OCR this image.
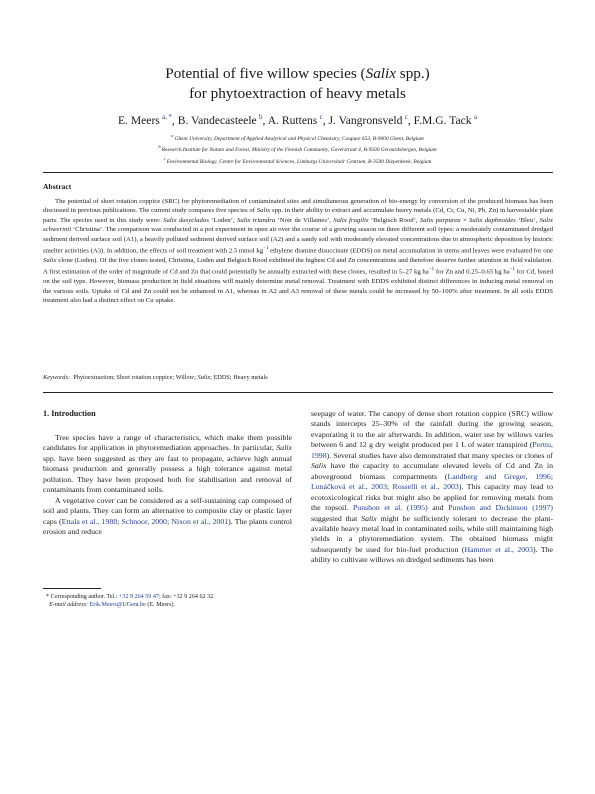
Potential of five willow species (Salix spp.)
for phytoextraction of heavy metals
E. Meers  $^{a, *}$, B. Vandecasteele  $^b$, A. Ruttens  $^c$, J. Vangronsveld  $^c$, F.M.G. Tack  $^a$
$^a$ Ghent University, Department of Applied Analytical and Physical Chemistry, Coupure 653, B-9000 Ghent, Belgium
$^b$ Research Institute for Nature and Forest, Ministry of the Flemish Community, Gaverstraat 4, B-9500 Geraardsbergen, Belgium
$^c$ Environmental Biology, Centre for Environmental Sciences, Limburgs Universitair Centrum, B-3590 Diepenbeek, Belgium
Abstract
The potential of short rotation coppice (SRC) for phytoremediation of contaminated sites and simultaneous generation of bio-energy by conversion of the produced biomass has been discussed in previous publications. The current study compares five species of Salix spp. in their ability to extract and accumulate heavy metals (Cd, Cr, Cu, Ni, Pb, Zn) in harvestable plant parts. The species used in this study were: Salix dasyclados ‘Loden’, Salix triandra ‘Noir de Villaines’, Salix fragilis ‘Belgisch Rood’, Salix purpurea × Salix daphnoides ‘Bleu’, Salix schwerinii ‘Christina’. The comparison was conducted in a pot experiment in open air over the course of a growing season on three different soil types: a moderately contaminated dredged sediment derived surface soil (A1), a heavily polluted sediment derived surface soil (A2) and a sandy soil with moderately elevated concentrations due to atmospheric deposition by historic smelter activities (A3). In addition, the effects of soil treatment with 2.5 mmol $kg^{-1}$ ethylene diamine disuccinate (EDDS) on metal accumulation in stems and leaves were evaluated for one Salix clone (Loden). Of the five clones tested, Christina, Loden and Belgisch Rood exhibited the highest Cd and Zn concentrations and therefore deserve further attention in field validation. A first estimation of the order of magnitude of Cd and Zn that could potentially be annually extracted with these clones, resulted in 5–27 kg $ha^{-1}$ for Zn and 0.25–0.65 kg $ha^{-1}$ for Cd, based on the soil type. However, biomass production in field situations will mainly determine metal removal. Treatment with EDDS exhibited distinct differences in inducing metal removal on the various soils. Uptake of Cd and Zn could not be enhanced in A1, whereas in A2 and A3 removal of these metals could be increased by 50–100% after treatment. In all soils EDDS treatment also had a distinct effect on Cu uptake.
Keywords: Phytoextraction; Short rotation coppice; Willow; Salix; EDDS; Heavy metals
1. Introduction

Tree species have a range of characteristics, which make them possible candidates for application in phytoremediation approaches. In particular, Salix spp. have been suggested as they are fast to propagate, achieve high annual biomass production and generally possess a high tolerance against metal pollution. They have been proposed both for stabilisation and removal of contaminants from contaminated soils.

A vegetative cover can be considered as a self-sustaining cap composed of soil and plants. They can form an alternative to composite clay or plastic layer caps (Ettala et al., 1988; Schnoor, 2000; Nixon et al., 2001). The plants control erosion and reduce

seepage of water. The canopy of dense short rotation coppice (SRC) willow stands intercepts 25–30% of the rainfall during the growing season, evaporating it to the air afterwards. In addition, water use by willows varies between 6 and 12 g dry weight produced per 1 L of water transpired (Perttu, 1998). Several studies have also demonstrated that many species or clones of Salix have the capacity to accumulate elevated levels of Cd and Zn in aboveground biomass compartments (Landberg and Greger, 1996; Lunáčková et al., 2003; Rosselli et al., 2003). This capacity may lead to ecotoxicological risks but might also be applied for removing metals from the topsoil. Punshon et al. (1995) and Punshon and Dickinson (1997) suggested that Salix might be sufficiently tolerant to decrease the plant-available heavy metal load in contaminated soils, while still maintaining high yields in a phytoremediation system. The obtained biomass might subsequently be used for bio-fuel production (Hammer et al., 2003). The ability to cultivate willows on dredged sediments has been

* Corresponding author. Tel.: +32 9 264 59 47; fax: +32 9 264 62 32.
E-mail address: Erik.Meers@UGent.be (E. Meers).
